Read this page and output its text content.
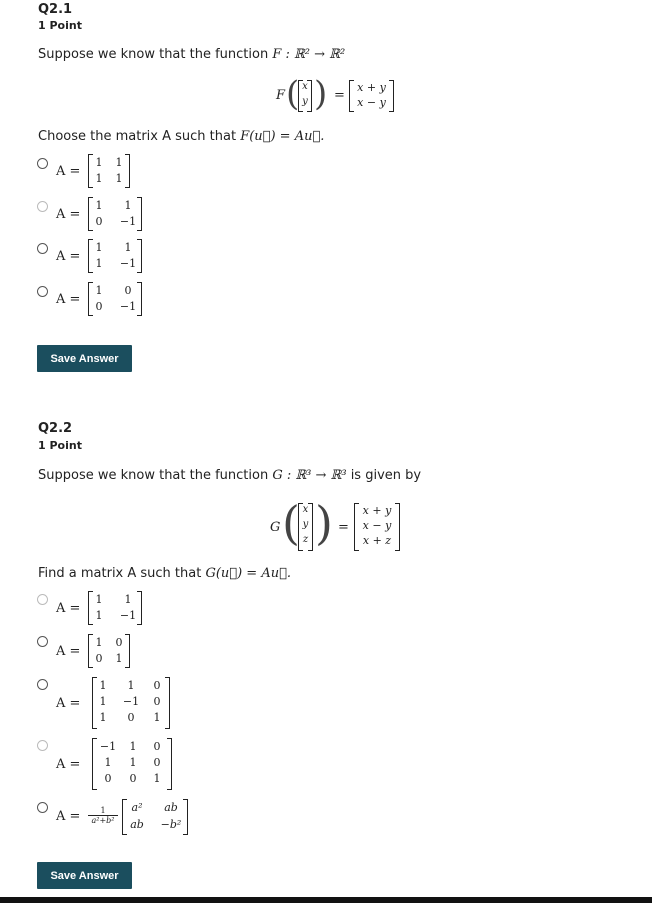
Q2.1
1 Point
Suppose we know that the function F : ℝ² → ℝ²
F ( x
y ) =
x + y
x − y
Choose the matrix A such that F(u⃗) = Au⃗.
A =
1	1
1	1
A =
1	1
0	−1
A =
1	1
1	−1
A =
1	0
0	−1
Save Answer
Q2.2
1 Point
Suppose we know that the function G : ℝ³ → ℝ³ is given by
G ( x
y
z ) =
x + y
x − y
x + z
Find a matrix A such that G(u⃗) = Au⃗.
A =
1	1
1	−1
A =
1	0
0	1
A =
1	1	0
1	−1	0
1	0	1
A =
−1	1	0
1	1	0
0	0	1
A =	1
a²+b²
a²	ab
ab	−b²
Save Answer
